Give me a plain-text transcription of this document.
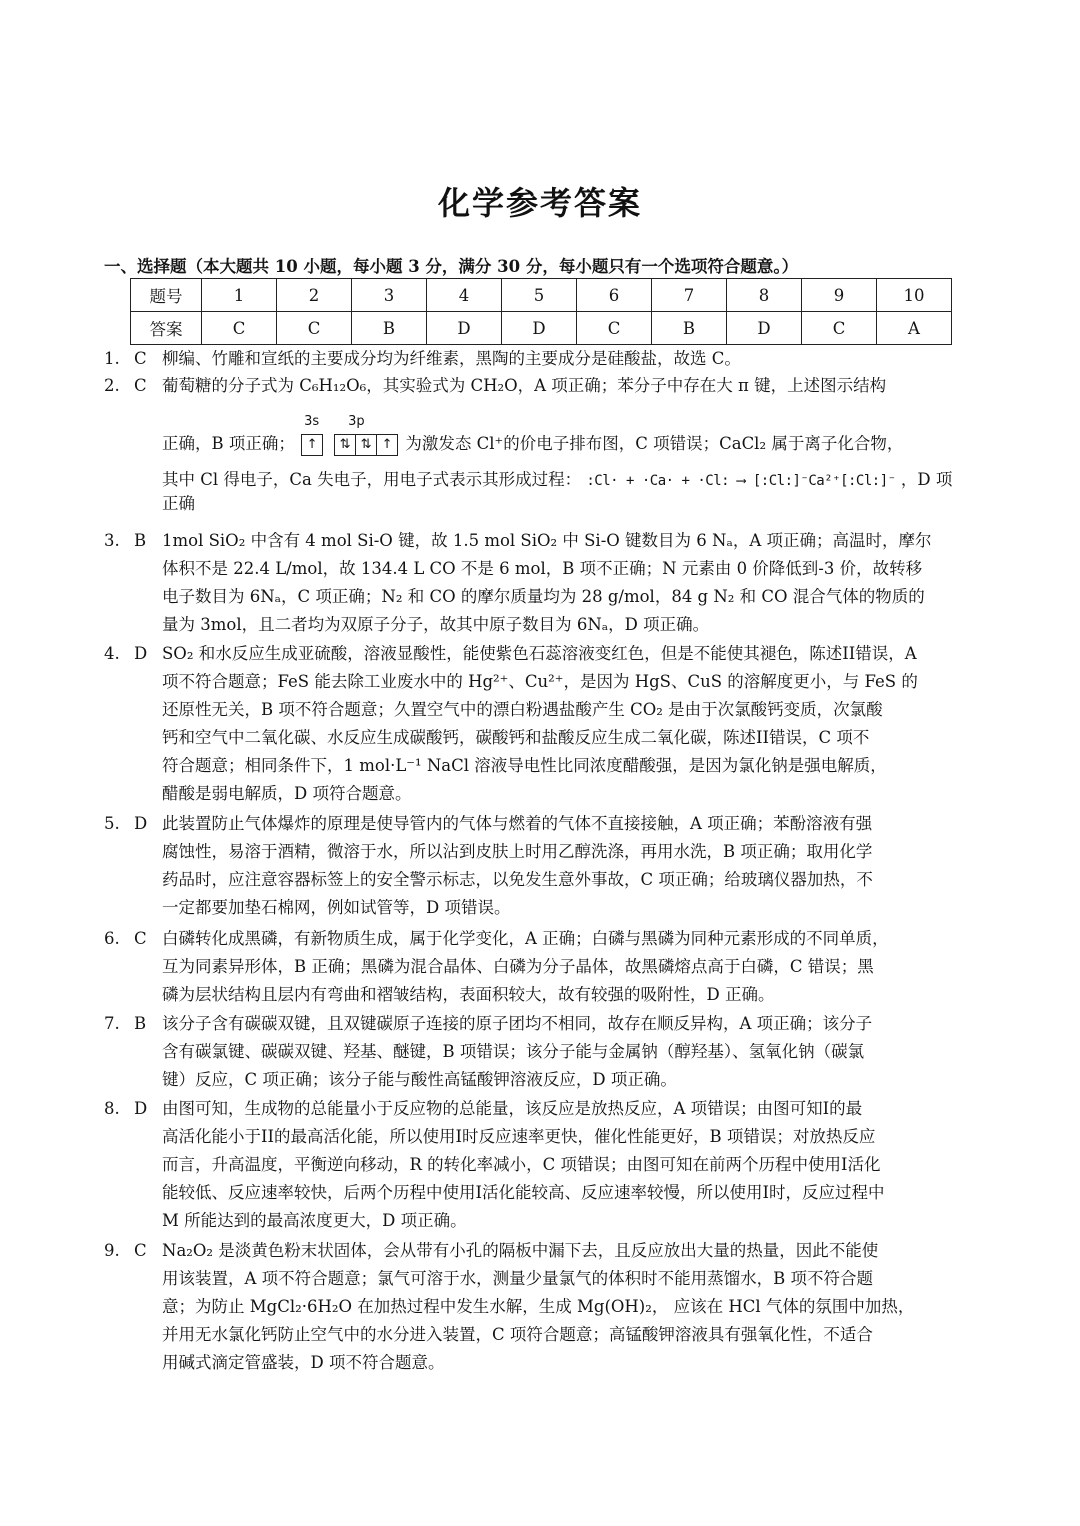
化学参考答案
一、选择题（本大题共 10 小题，每小题 3 分，满分 30 分，每小题只有一个选项符合题意。）
题号	1	2	3	4	5	6	7	8	9	10
答案	C	C	B	D	D	C	B	D	C	A
1. C 柳编、竹雕和宣纸的主要成分均为纤维素，黑陶的主要成分是硅酸盐，故选 C。
2. C 葡萄糖的分子式为 C₆H₁₂O₆，其实验式为 CH₂O，A 项正确；苯分子中存在大 π 键，上述图示结构
正确，B 项正确；
3s 3p
↑	⇅ ⇅ ↑ 为激发态 Cl⁺的价电子排布图，C 项错误；CaCl₂ 属于离子化合物，
其中 Cl 得电子，Ca 失电子，用电子式表示其形成过程： :Cl· + ·Ca· + ·Cl: ⟶ [:Cl:]⁻Ca²⁺[:Cl:]⁻ ，D 项
正确
3. B 1mol SiO₂ 中含有 4 mol Si-O 键，故 1.5 mol SiO₂ 中 Si-O 键数目为 6 Nₐ，A 项正确；高温时，摩尔
体积不是 22.4 L/mol，故 134.4 L CO 不是 6 mol，B 项不正确；N 元素由 0 价降低到-3 价，故转移
电子数目为 6Nₐ，C 项正确；N₂ 和 CO 的摩尔质量均为 28 g/mol，84 g N₂ 和 CO 混合气体的物质的
量为 3mol，且二者均为双原子分子，故其中原子数目为 6Nₐ，D 项正确。
4. D SO₂ 和水反应生成亚硫酸，溶液显酸性，能使紫色石蕊溶液变红色，但是不能使其褪色，陈述II错误，A
项不符合题意；FeS 能去除工业废水中的 Hg²⁺、Cu²⁺，是因为 HgS、CuS 的溶解度更小，与 FeS 的
还原性无关，B 项不符合题意；久置空气中的漂白粉遇盐酸产生 CO₂ 是由于次氯酸钙变质，次氯酸
钙和空气中二氧化碳、水反应生成碳酸钙，碳酸钙和盐酸反应生成二氧化碳，陈述II错误，C 项不
符合题意；相同条件下，1 mol·L⁻¹ NaCl 溶液导电性比同浓度醋酸强，是因为氯化钠是强电解质，
醋酸是弱电解质，D 项符合题意。
5. D 此装置防止气体爆炸的原理是使导管内的气体与燃着的气体不直接接触，A 项正确；苯酚溶液有强
腐蚀性，易溶于酒精，微溶于水，所以沾到皮肤上时用乙醇洗涤，再用水洗，B 项正确；取用化学
药品时，应注意容器标签上的安全警示标志，以免发生意外事故，C 项正确；给玻璃仪器加热，不
一定都要加垫石棉网，例如试管等，D 项错误。
6. C 白磷转化成黑磷，有新物质生成，属于化学变化，A 正确；白磷与黑磷为同种元素形成的不同单质，
互为同素异形体，B 正确；黑磷为混合晶体、白磷为分子晶体，故黑磷熔点高于白磷，C 错误；黑
磷为层状结构且层内有弯曲和褶皱结构，表面积较大，故有较强的吸附性，D 正确。
7. B 该分子含有碳碳双键，且双键碳原子连接的原子团均不相同，故存在顺反异构，A 项正确；该分子
含有碳氯键、碳碳双键、羟基、醚键，B 项错误；该分子能与金属钠（醇羟基）、氢氧化钠（碳氯
键）反应，C 项正确；该分子能与酸性高锰酸钾溶液反应，D 项正确。
8. D 由图可知，生成物的总能量小于反应物的总能量，该反应是放热反应，A 项错误；由图可知I的最
高活化能小于II的最高活化能，所以使用I时反应速率更快，催化性能更好，B 项错误；对放热反应
而言，升高温度，平衡逆向移动，R 的转化率减小，C 项错误；由图可知在前两个历程中使用I活化
能较低、反应速率较快，后两个历程中使用I活化能较高、反应速率较慢，所以使用I时，反应过程中
M 所能达到的最高浓度更大，D 项正确。
9. C Na₂O₂ 是淡黄色粉末状固体，会从带有小孔的隔板中漏下去，且反应放出大量的热量，因此不能使
用该装置，A 项不符合题意；氯气可溶于水，测量少量氯气的体积时不能用蒸馏水，B 项不符合题
意；为防止 MgCl₂·6H₂O 在加热过程中发生水解，生成 Mg(OH)₂， 应该在 HCl 气体的氛围中加热，
并用无水氯化钙防止空气中的水分进入装置，C 项符合题意；高锰酸钾溶液具有强氧化性，不适合
用碱式滴定管盛装，D 项不符合题意。
